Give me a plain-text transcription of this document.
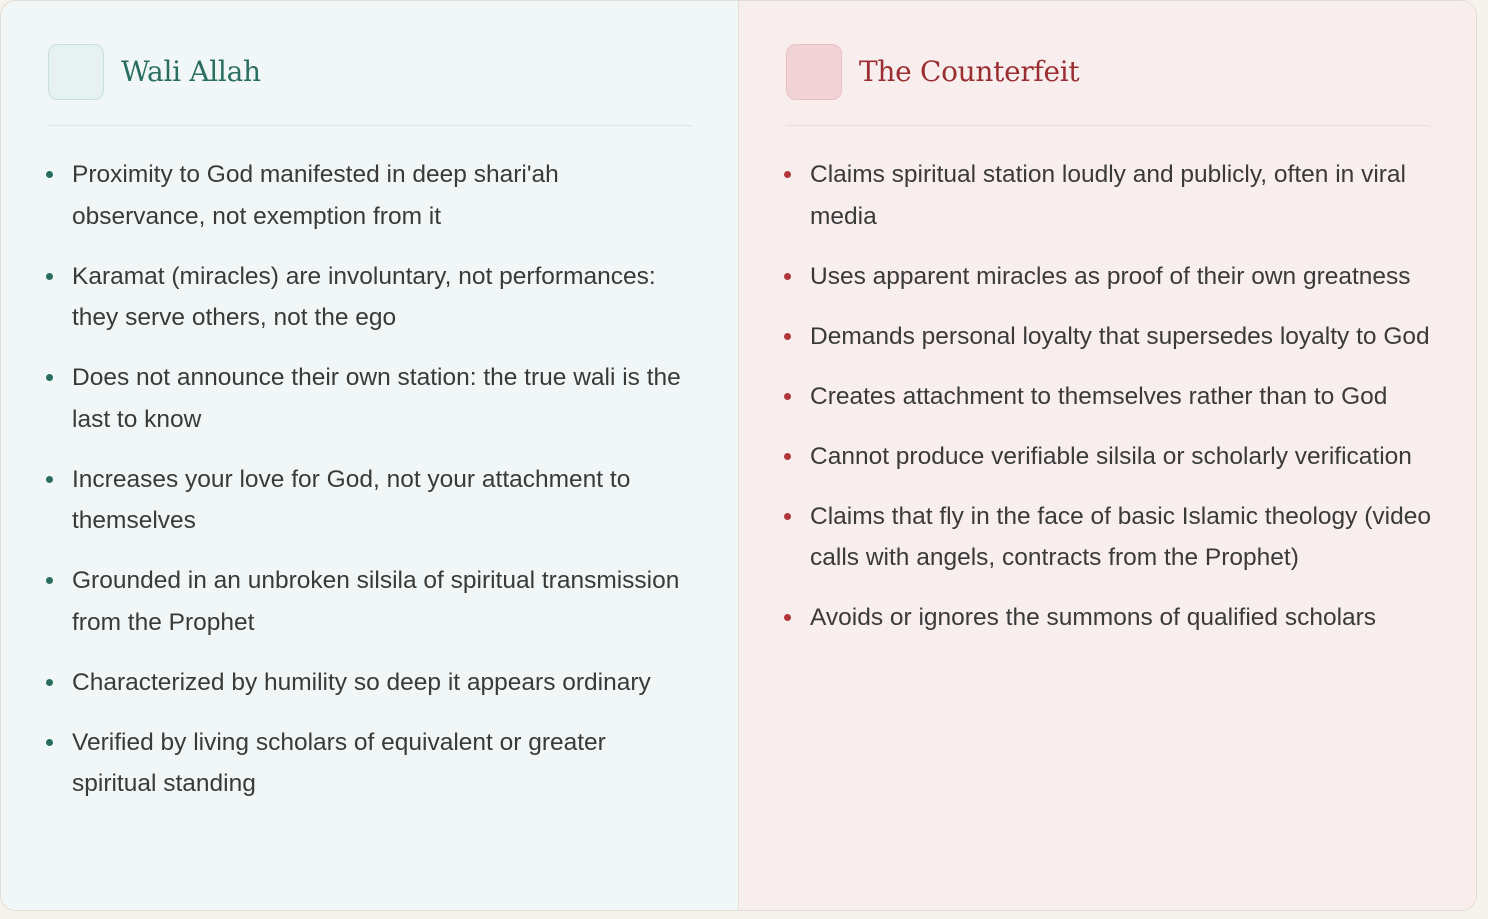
Wali Allah
Proximity to God manifested in deep shari'ah observance, not exemption from it
Karamat (miracles) are involuntary, not performances: they serve others, not the ego
Does not announce their own station: the true wali is the last to know
Increases your love for God, not your attachment to themselves
Grounded in an unbroken silsila of spiritual transmission from the Prophet
Characterized by humility so deep it appears ordinary
Verified by living scholars of equivalent or greater spiritual standing
The Counterfeit
Claims spiritual station loudly and publicly, often in viral media
Uses apparent miracles as proof of their own greatness
Demands personal loyalty that supersedes loyalty to God
Creates attachment to themselves rather than to God
Cannot produce verifiable silsila or scholarly verification
Claims that fly in the face of basic Islamic theology (video calls with angels, contracts from the Prophet)
Avoids or ignores the summons of qualified scholars
